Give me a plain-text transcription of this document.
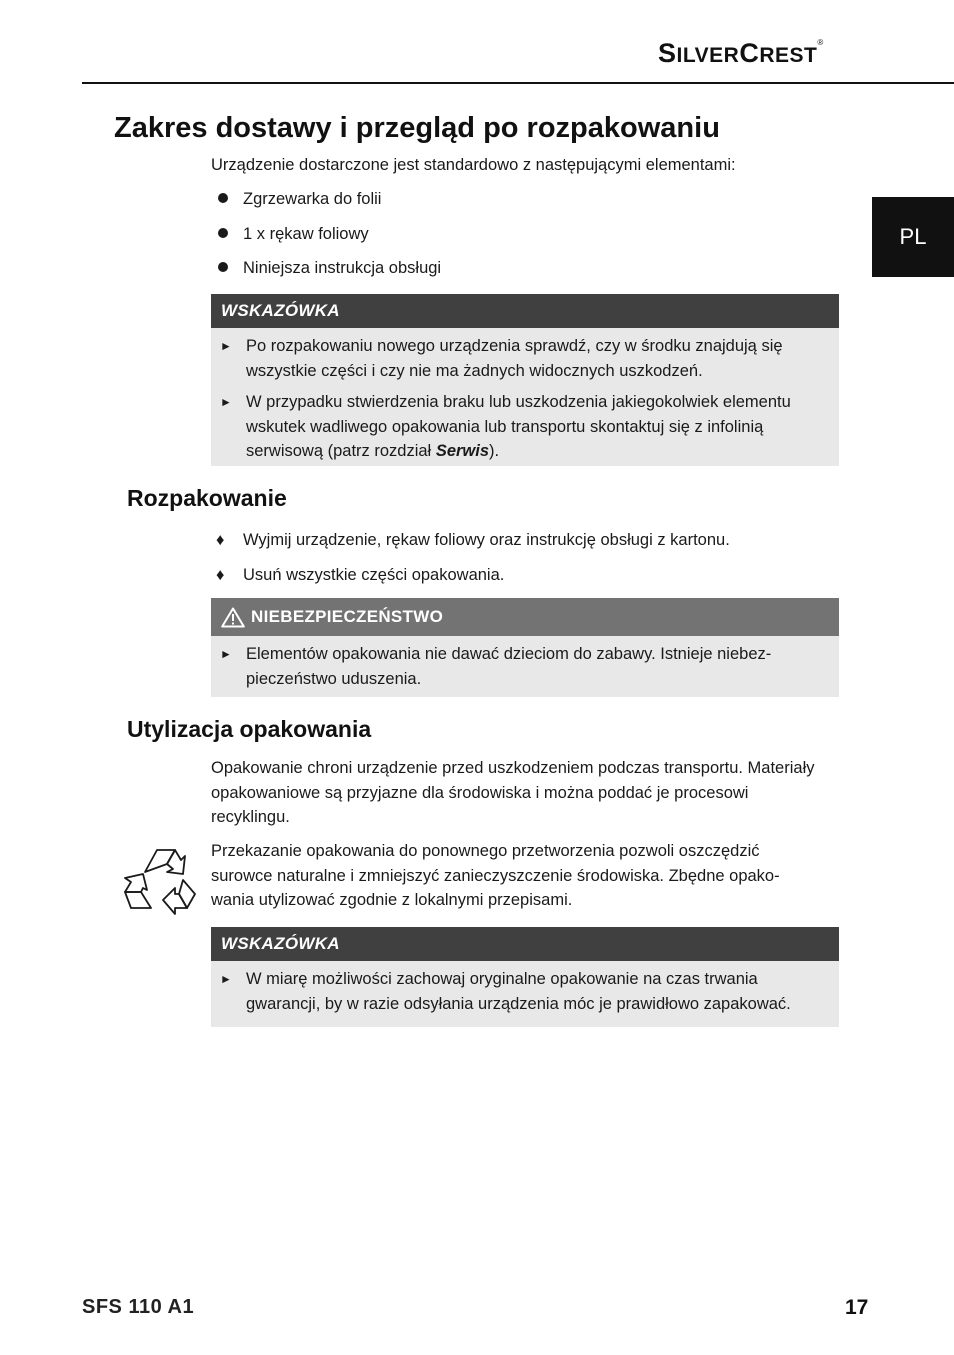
SILVERCREST®
PL
Zakres dostawy i przegląd po rozpakowaniu
Urządzenie dostarczone jest standardowo z następującymi elementami:
Zgrzewarka do folii
1 x rękaw foliowy
Niniejsza instrukcja obsługi
WSKAZÓWKA
► Po rozpakowaniu nowego urządzenia sprawdź, czy w środku znajdują się wszystkie części i czy nie ma żadnych widocznych uszkodzeń.
► W przypadku stwierdzenia braku lub uszkodzenia jakiegokolwiek elementu wskutek wadliwego opakowania lub transportu skontaktuj się z infolinią serwisową (patrz rozdział Serwis).
Rozpakowanie
♦ Wyjmij urządzenie, rękaw foliowy oraz instrukcję obsługi z kartonu.
♦ Usuń wszystkie części opakowania.
NIEBEZPIECZEŃSTWO
► Elementów opakowania nie dawać dzieciom do zabawy. Istnieje niebez-pieczeństwo uduszenia.
Utylizacja opakowania
Opakowanie chroni urządzenie przed uszkodzeniem podczas transportu. Materiały opakowaniowe są przyjazne dla środowiska i można poddać je procesowi recyklingu.
Przekazanie opakowania do ponownego przetworzenia pozwoli oszczędzić surowce naturalne i zmniejszyć zanieczyszczenie środowiska. Zbędne opako-wania utylizować zgodnie z lokalnymi przepisami.
WSKAZÓWKA
► W miarę możliwości zachowaj oryginalne opakowanie na czas trwania gwarancji, by w razie odsyłania urządzenia móc je prawidłowo zapakować.
SFS 110 A1	17
